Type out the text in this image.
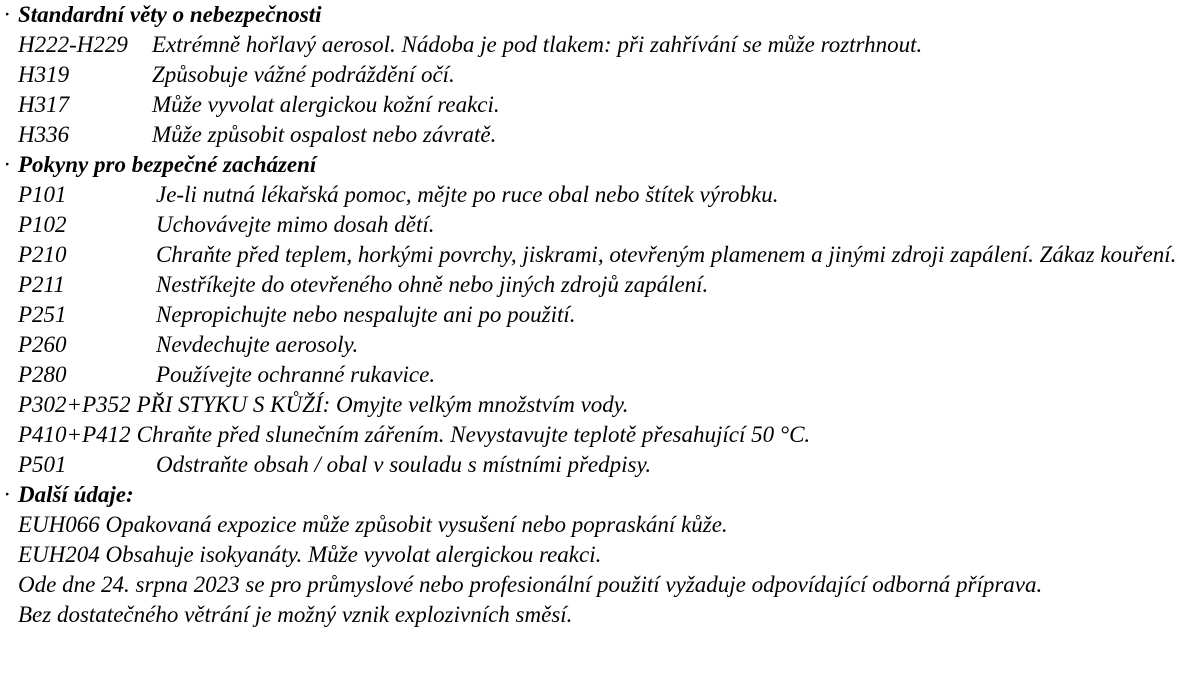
· Standardní věty o nebezpečnosti
H222-H229	Extrémně hořlavý aerosol. Nádoba je pod tlakem: při zahřívání se může roztrhnout.
H319	Způsobuje vážné podráždění očí.
H317	Může vyvolat alergickou kožní reakci.
H336	Může způsobit ospalost nebo závratě.
· Pokyny pro bezpečné zacházení
P101	Je-li nutná lékařská pomoc, mějte po ruce obal nebo štítek výrobku.
P102	Uchovávejte mimo dosah dětí.
P210	Chraňte před teplem, horkými povrchy, jiskrami, otevřeným plamenem a jinými zdroji zapálení. Zákaz kouření.
P211	Nestříkejte do otevřeného ohně nebo jiných zdrojů zapálení.
P251	Nepropichujte nebo nespalujte ani po použití.
P260	Nevdechujte aerosoly.
P280	Používejte ochranné rukavice.
P302+P352 PŘI STYKU S KŮŽÍ: Omyjte velkým množstvím vody.
P410+P412 Chraňte před slunečním zářením. Nevystavujte teplotě přesahující 50 °C.
P501	Odstraňte obsah / obal v souladu s místními předpisy.
· Další údaje:
EUH066 Opakovaná expozice může způsobit vysušení nebo popraskání kůže.
EUH204 Obsahuje isokyanáty. Může vyvolat alergickou reakci.
Ode dne 24. srpna 2023 se pro průmyslové nebo profesionální použití vyžaduje odpovídající odborná příprava.
Bez dostatečného větrání je možný vznik explozivních směsí.
